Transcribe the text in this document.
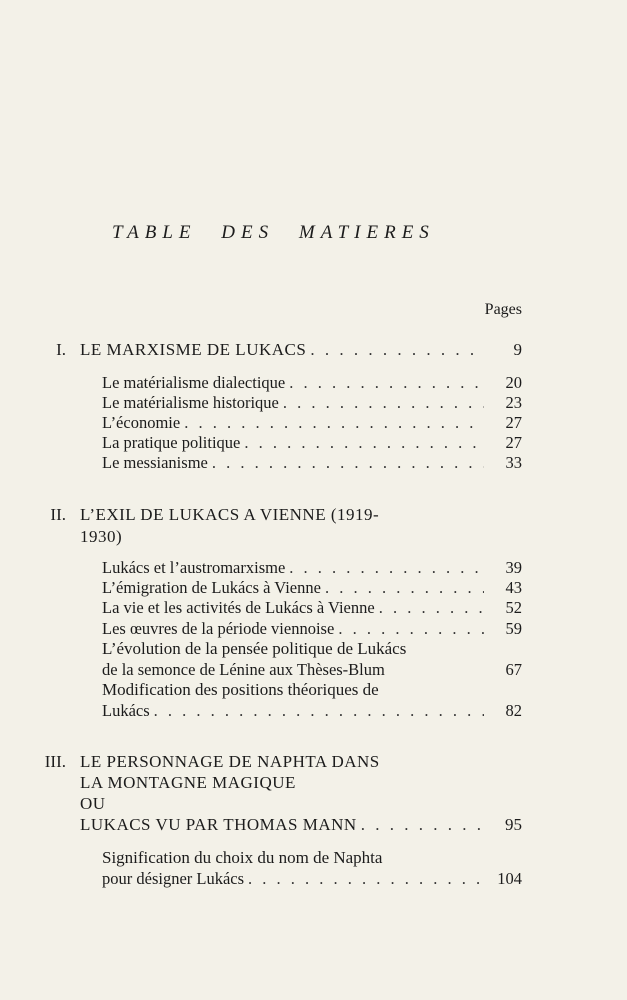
TABLE DES MATIERES
Pages
I. LE MARXISME DE LUKACS . . .	9
Le matérialisme dialectique . . .	20
Le matérialisme historique . . .	23
L’économie . . .	27
La pratique politique . . .	27
Le messianisme . . .	33
II. L’EXIL DE LUKACS A VIENNE (1919-
1930)
Lukács et l’austromarxisme . . .	39
L’émigration de Lukács à Vienne . . .	43
La vie et les activités de Lukács à Vienne . . .	52
Les œuvres de la période viennoise . . .	59
L’évolution de la pensée politique de Lukács
de la semonce de Lénine aux Thèses-Blum	67
Modification des positions théoriques de
Lukács . . .	82
III. LE PERSONNAGE DE NAPHTA DANS
LA MONTAGNE MAGIQUE
OU
LUKACS VU PAR THOMAS MANN . . .	95
Signification du choix du nom de Naphta
pour désigner Lukács . . .	104
